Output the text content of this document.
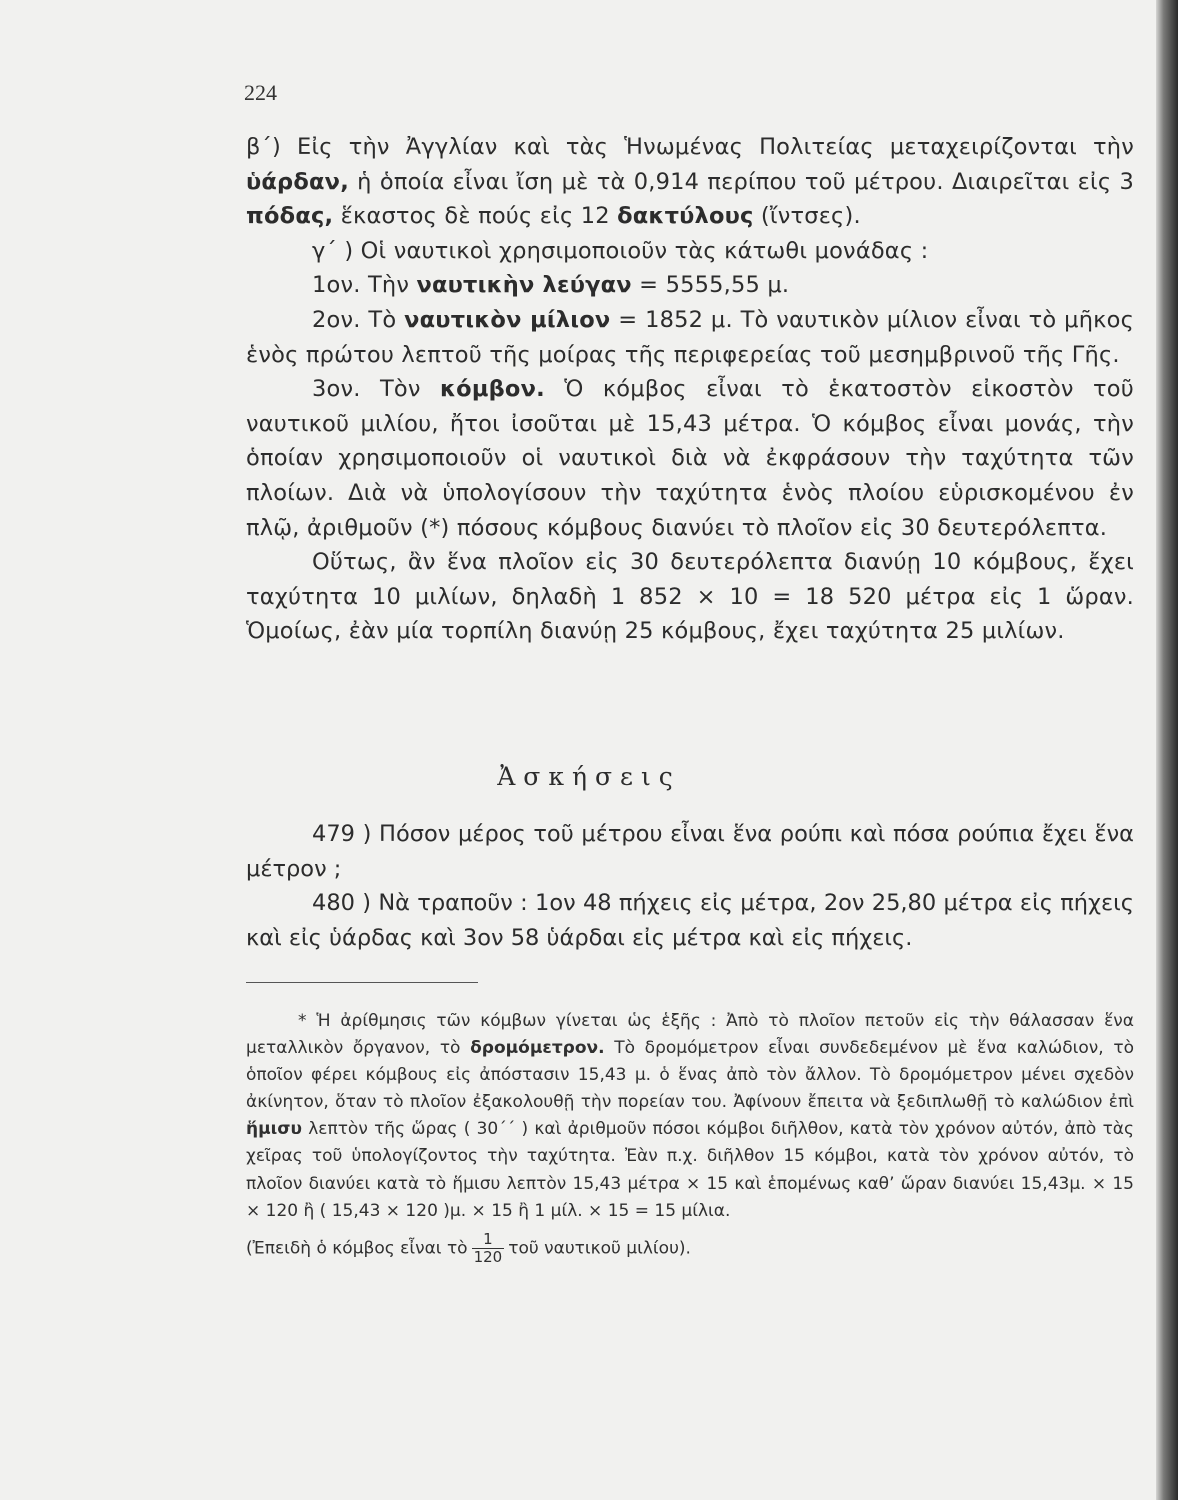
224

β΄) Εἰς τὴν Ἀγγλίαν καὶ τὰς Ἡνωμένας Πολιτείας μεταχειρίζονται τὴν ὑάρδαν, ἡ ὁποία εἶναι ἴση μὲ τὰ 0,914 περίπου τοῦ μέτρου. Διαιρεῖται εἰς 3 πόδας, ἕκαστος δὲ πούς εἰς 12 δακτύλους (ἴντσες).

γ΄ ) Οἱ ναυτικοὶ χρησιμοποιοῦν τὰς κάτωθι μονάδας :

1ον. Τὴν ναυτικὴν λεύγαν = 5555,55 μ.

2ον. Τὸ ναυτικὸν μίλιον = 1852 μ. Τὸ ναυτικὸν μίλιον εἶναι τὸ μῆκος ἑνὸς πρώτου λεπτοῦ τῆς μοίρας τῆς περιφερείας τοῦ μεσημβρινοῦ τῆς Γῆς.

3ον. Τὸν κόμβον. Ὁ κόμβος εἶναι τὸ ἑκατοστὸν εἰκοστὸν τοῦ ναυτικοῦ μιλίου, ἤτοι ἰσοῦται μὲ 15,43 μέτρα. Ὁ κόμβος εἶναι μονάς, τὴν ὁποίαν χρησιμοποιοῦν οἱ ναυτικοὶ διὰ νὰ ἐκφράσουν τὴν ταχύτητα τῶν πλοίων. Διὰ νὰ ὑπολογίσουν τὴν ταχύτητα ἑνὸς πλοίου εὑρισκομένου ἐν πλῷ, ἀριθμοῦν (*) πόσους κόμβους διανύει τὸ πλοῖον εἰς 30 δευτερόλεπτα.

Οὕτως, ἂν ἕνα πλοῖον εἰς 30 δευτερόλεπτα διανύῃ 10 κόμβους, ἔχει ταχύτητα 10 μιλίων, δηλαδὴ 1 852 × 10 = 18 520 μέτρα εἰς 1 ὥραν. Ὁμοίως, ἐὰν μία τορπίλη διανύῃ 25 κόμβους, ἔχει ταχύτητα 25 μιλίων.

Ἀσκήσεις

479 ) Πόσον μέρος τοῦ μέτρου εἶναι ἕνα ρούπι καὶ πόσα ρούπια ἔχει ἕνα μέτρον ;

480 ) Νὰ τραποῦν : 1ον 48 πήχεις εἰς μέτρα, 2ον 25,80 μέτρα εἰς πήχεις καὶ εἰς ὑάρδας καὶ 3ον 58 ὑάρδαι εἰς μέτρα καὶ εἰς πήχεις.

* Ἡ ἀρίθμησις τῶν κόμβων γίνεται ὡς ἑξῆς : Ἀπὸ τὸ πλοῖον πετοῦν εἰς τὴν θάλασσαν ἕνα μεταλλικὸν ὄργανον, τὸ δρομόμετρον. Τὸ δρομόμετρον εἶναι συνδεδεμένον μὲ ἕνα καλώδιον, τὸ ὁποῖον φέρει κόμβους εἰς ἀπόστασιν 15,43 μ. ὁ ἕνας ἀπὸ τὸν ἄλλον. Τὸ δρομόμετρον μένει σχεδὸν ἀκίνητον, ὅταν τὸ πλοῖον ἐξακολουθῇ τὴν πορείαν του. Ἀφίνουν ἔπειτα νὰ ξεδιπλωθῇ τὸ καλώδιον ἐπὶ ἥμισυ λεπτὸν τῆς ὥρας ( 30΄΄ ) καὶ ἀριθμοῦν πόσοι κόμβοι διῆλθον, κατὰ τὸν χρόνον αὐτόν, ἀπὸ τὰς χεῖρας τοῦ ὑπολογίζοντος τὴν ταχύτητα. Ἐὰν π.χ. διῆλθον 15 κόμβοι, κατὰ τὸν χρόνον αὐτόν, τὸ πλοῖον διανύει κατὰ τὸ ἥμισυ λεπτὸν 15,43 μέτρα × 15 καὶ ἑπομένως καθ’ ὥραν διανύει 15,43μ. × 15 × 120 ἢ ( 15,43 × 120 )μ. × 15 ἢ 1 μίλ. × 15 = 15 μίλια.

(Ἐπειδὴ ὁ κόμβος εἶναι τὸ $\frac{1}{120}$ τοῦ ναυτικοῦ μιλίου).
